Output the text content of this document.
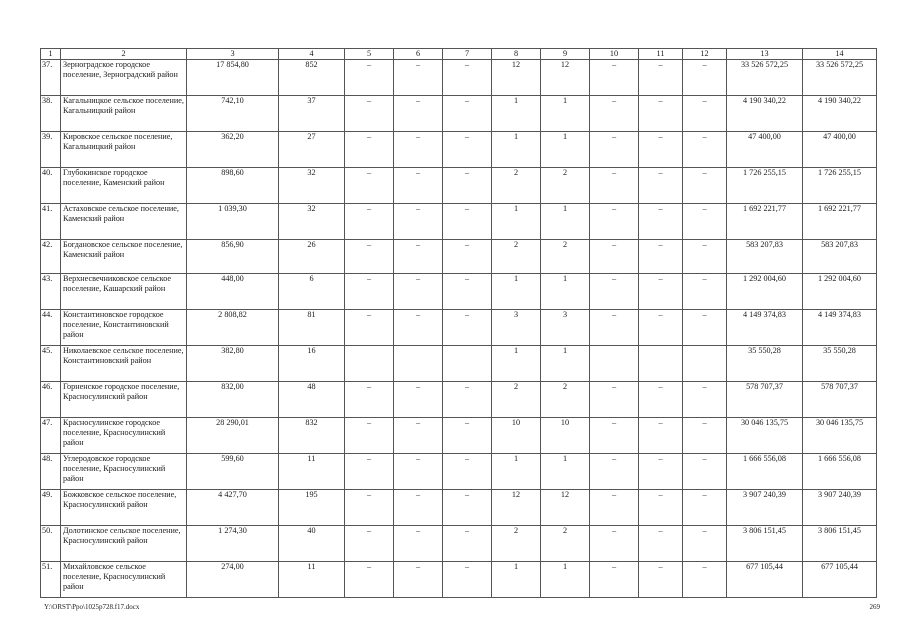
1	2	3	4	5	6	7	8	9	10	11	12	13	14
37.	Зерноградское городское поселение, Зерноградский район	17 854,80	852	–	–	–	12	12	–	–	–	33 526 572,25	33 526 572,25
38.	Кагальницкое сельское поселение, Кагальницкий район	742,10	37	–	–	–	1	1	–	–	–	4 190 340,22	4 190 340,22
39.	Кировское сельское поселение, Кагальницкий район	362,20	27	–	–	–	1	1	–	–	–	47 400,00	47 400,00
40.	Глубокинское городское поселение, Каменский район	898,60	32	–	–	–	2	2	–	–	–	1 726 255,15	1 726 255,15
41.	Астаховское сельское поселение, Каменский район	1 039,30	32	–	–	–	1	1	–	–	–	1 692 221,77	1 692 221,77
42.	Богдановское сельское поселение, Каменский район	856,90	26	–	–	–	2	2	–	–	–	583 207,83	583 207,83
43.	Верхнесвечниковское сельское поселение, Кашарский район	448,00	6	–	–	–	1	1	–	–	–	1 292 004,60	1 292 004,60
44.	Константиновское городское поселение, Константиновский район	2 808,82	81	–	–	–	3	3	–	–	–	4 149 374,83	4 149 374,83
45.	Николаевское сельское поселение, Константиновский район	382,80	16				1	1				35 550,28	35 550,28
46.	Горненское городское поселение, Красносулинский район	832,00	48	–	–	–	2	2	–	–	–	578 707,37	578 707,37
47.	Красносулинское городское поселение, Красносулинский район	28 290,01	832	–	–	–	10	10	–	–	–	30 046 135,75	30 046 135,75
48.	Углеродовское городское поселение, Красносулинский район	599,60	11	–	–	–	1	1	–	–	–	1 666 556,08	1 666 556,08
49.	Божковское сельское поселение, Красносулинский район	4 427,70	195	–	–	–	12	12	–	–	–	3 907 240,39	3 907 240,39
50.	Долотинское сельское поселение, Красносулинский район	1 274,30	40	–	–	–	2	2	–	–	–	3 806 151,45	3 806 151,45
51.	Михайловское сельское поселение, Красносулинский район	274,00	11	–	–	–	1	1	–	–	–	677 105,44	677 105,44
Y:\ORST\Ppo\1025p728.f17.docx	269
